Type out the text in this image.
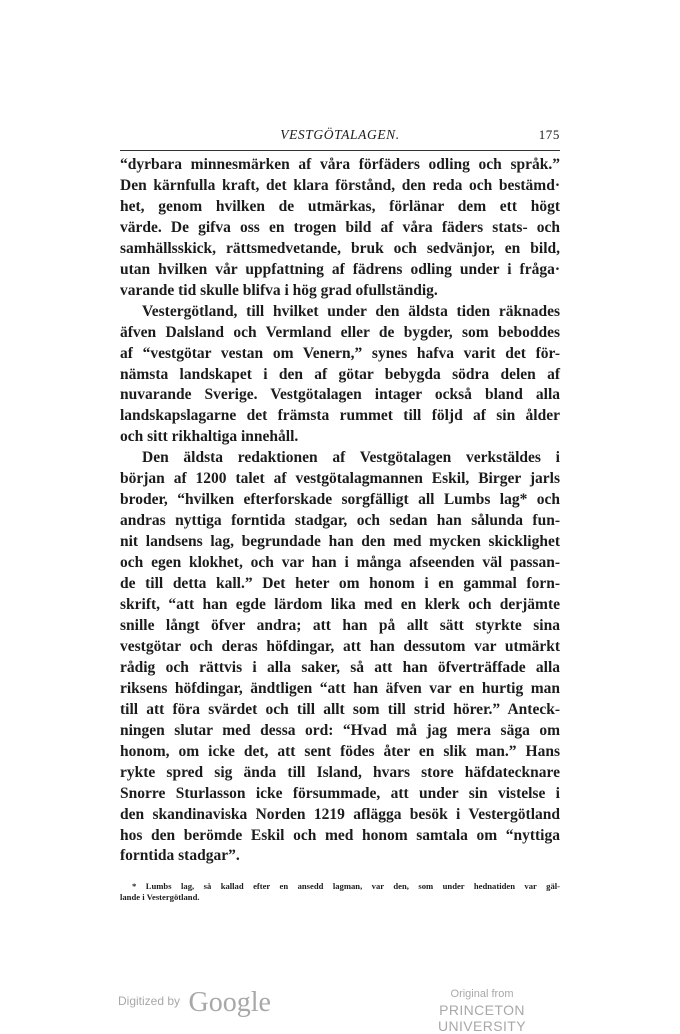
VESTGÖTALAGEN.	175
“dyrbara minnesmärken af våra förfäders odling och språk.”
Den kärnfulla kraft, det klara förstånd, den reda och bestämd·
het, genom hvilken de utmärkas, förlänar dem ett högt
värde. De gifva oss en trogen bild af våra fäders stats- och
samhällsskick, rättsmedvetande, bruk och sedvänjor, en bild,
utan hvilken vår uppfattning af fädrens odling under i fråga·
varande tid skulle blifva i hög grad ofullständig.
Vestergötland, till hvilket under den äldsta tiden räknades
äfven Dalsland och Vermland eller de bygder, som beboddes
af “vestgötar vestan om Venern,” synes hafva varit det för-
nämsta landskapet i den af götar bebygda södra delen af
nuvarande Sverige. Vestgötalagen intager också bland alla
landskapslagarne det främsta rummet till följd af sin ålder
och sitt rikhaltiga innehåll.
Den äldsta redaktionen af Vestgötalagen verkstäldes i
början af 1200 talet af vestgötalagmannen Eskil, Birger jarls
broder, “hvilken efterforskade sorgfälligt all Lumbs lag* och
andras nyttiga forntida stadgar, och sedan han sålunda fun-
nit landsens lag, begrundade han den med mycken skicklighet
och egen klokhet, och var han i många afseenden väl passan-
de till detta kall.” Det heter om honom i en gammal forn-
skrift, “att han egde lärdom lika med en klerk och derjämte
snille långt öfver andra; att han på allt sätt styrkte sina
vestgötar och deras höfdingar, att han dessutom var utmärkt
rådig och rättvis i alla saker, så att han öfverträffade alla
riksens höfdingar, ändtligen “att han äfven var en hurtig man
till att föra svärdet och till allt som till strid hörer.” Anteck-
ningen slutar med dessa ord: “Hvad må jag mera säga om
honom, om icke det, att sent födes åter en slik man.” Hans
rykte spred sig ända till Island, hvars store häfdatecknare
Snorre Sturlasson icke försummade, att under sin vistelse i
den skandinaviska Norden 1219 aflägga besök i Vestergötland
hos den berömde Eskil och med honom samtala om “nyttiga
forntida stadgar”.
* Lumbs lag, så kallad efter en ansedd lagman, var den, som under hednatiden var gäl-
lande i Vestergötland.
$^{Digitized by}$ Google	Original from
PRINCETON UNIVERSITY
